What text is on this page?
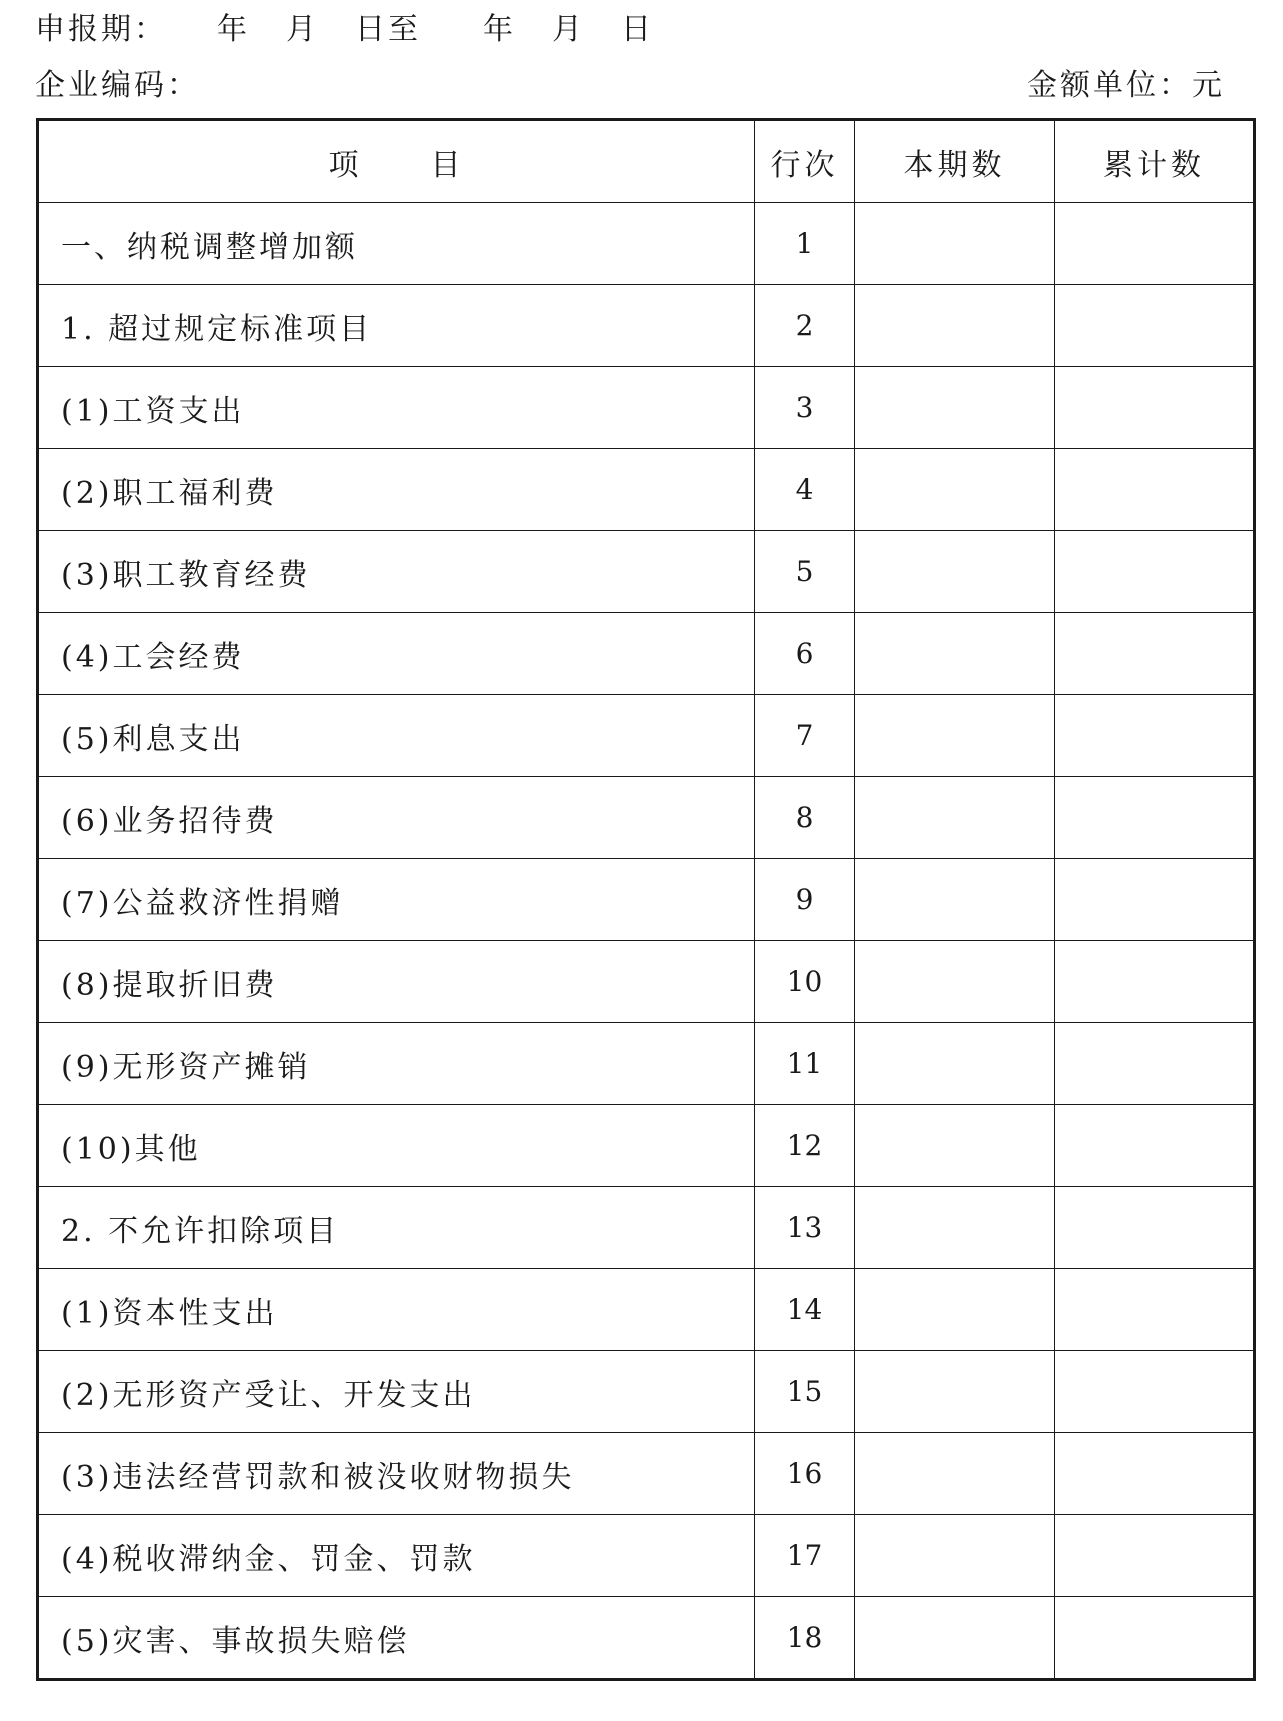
申报期： 年 月 日至 年 月 日
企业编码：	金额单位：元
项　　目	行次	本期数	累计数
一、纳税调整增加额	1		
1. 超过规定标准项目	2		
(1)工资支出	3		
(2)职工福利费	4		
(3)职工教育经费	5		
(4)工会经费	6		
(5)利息支出	7		
(6)业务招待费	8		
(7)公益救济性捐赠	9		
(8)提取折旧费	10		
(9)无形资产摊销	11		
(10)其他	12		
2. 不允许扣除项目	13		
(1)资本性支出	14		
(2)无形资产受让、开发支出	15		
(3)违法经营罚款和被没收财物损失	16		
(4)税收滞纳金、罚金、罚款	17		
(5)灾害、事故损失赔偿	18		
